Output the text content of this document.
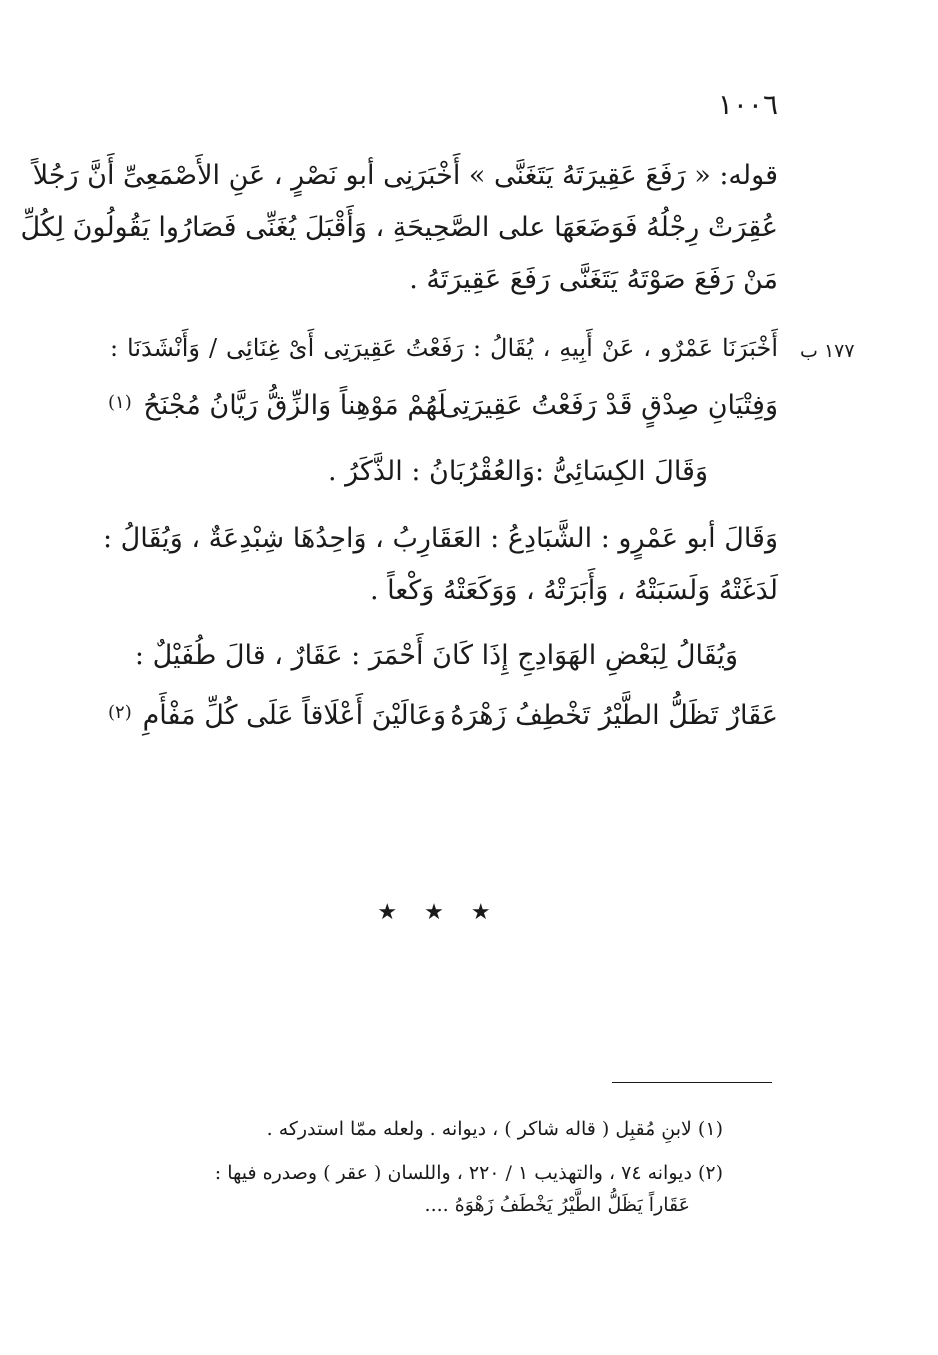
١٠٠٦
قوله: « رَفَعَ عَقِيرَتَهُ يَتَغَنَّى » أَخْبَرَنِى أبو نَصْرٍ ، عَنِ الأَصْمَعِىِّ أَنَّ رَجُلاً
عُقِرَتْ رِجْلُهُ فَوَضَعَهَا على الصَّحِيحَةِ ، وَأَقْبَلَ يُغَنِّى فَصَارُوا يَقُولُونَ لِكُلِّ
مَنْ رَفَعَ صَوْتَهُ يَتَغَنَّى رَفَعَ عَقِيرَتَهُ .
١٧٧ ب
أَخْبَرَنَا عَمْرٌو ، عَنْ أَبِيهِ ، يُقَالُ : رَفَعْتُ عَقِيرَتِى أَىْ غِنَائِى / وَأَنْشَدَنَا :
وَفِتْيَانِ صِدْقٍ قَدْ رَفَعْتُ عَقِيرَتِى
لَهُمْ مَوْهِناً وَالزِّقُّ رَيَّانُ مُجْنَحُ
(١)
وَقَالَ الكِسَائِىُّ :وَالعُقْرُبَانُ : الذَّكَرُ .
وَقَالَ أبو عَمْرٍو : الشَّبَادِعُ : العَقَارِبُ ، وَاحِدُهَا شِبْدِعَةٌ ، وَيُقَالُ :
لَدَغَتْهُ وَلَسَبَتْهُ ، وَأَبَرَتْهُ ، وَوَكَعَتْهُ وَكْعاً .
وَيُقَالُ لِبَعْضِ الهَوَادِجِ إِذَا كَانَ أَحْمَرَ : عَقَارٌ ، قالَ طُفَيْلٌ :
عَقَارٌ تَظَلُّ الطَّيْرُ تَخْطِفُ زَهْرَهُ
وَعَالَيْنَ أَعْلَاقاً عَلَى كُلِّ مَفْأَمِ
(٢)
★ ★ ★
(١) لابنِ مُقبِل ( قاله شاكر ) ، ديوانه . ولعله ممّا استدركه .
(٢) ديوانه ٧٤ ، والتهذيب ١ / ٢٢٠ ، واللسان ( عقر ) وصدره فيها :
عَقَاراً يَظَلُّ الطَّيْرُ يَخْطَفُ زَهْوَهُ ....
